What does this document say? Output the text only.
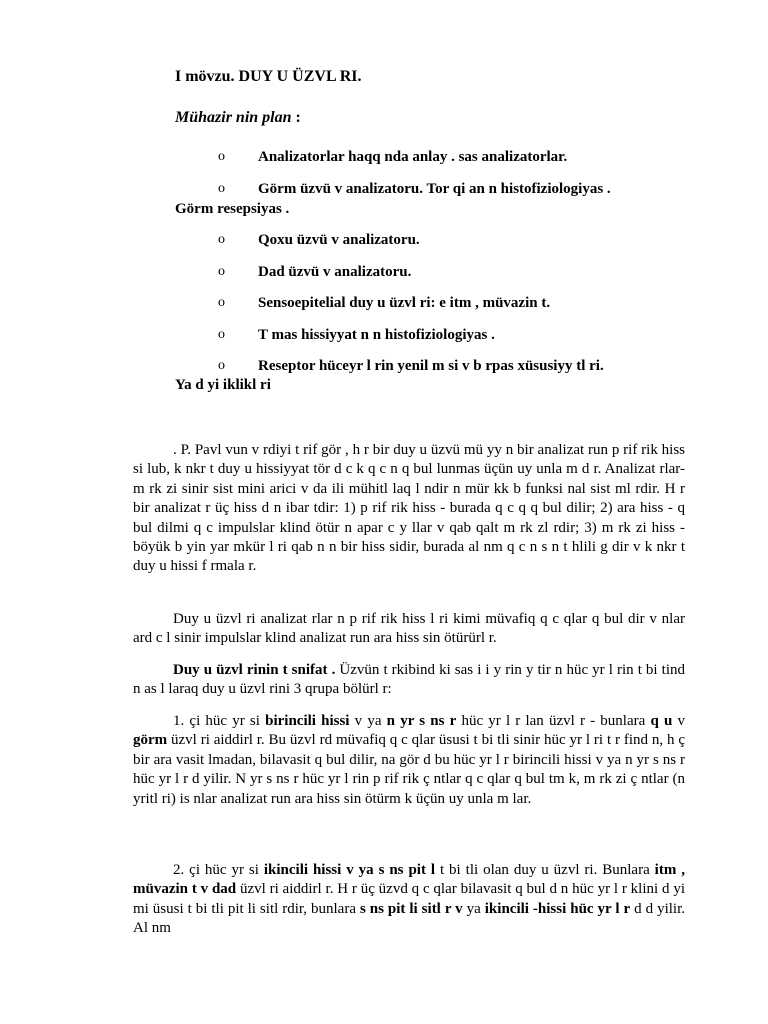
I mövzu. DUY U ÜZVL RI.
Mühazir nin plan :
o Analizatorlar haqq nda anlay . sas analizatorlar.
o Görm üzvü v analizatoru. Tor qi an n histofiziologiyas .
Görm resepsiyas .
o Qoxu üzvü v analizatoru.
o Dad üzvü v analizatoru.
o Sensoepitelial duy u üzvl ri: e itm , müvazin t.
o T mas hissiyyat n n histofiziologiyas .
o Reseptor hüceyr l rin yenil m si v b rpas xüsusiyy tl ri.
Ya d yi iklikl ri

. P. Pavl vun v rdiyi t rif gör , h r bir duy u üzvü mü yy n bir analizat run p rif rik hiss si lub, k nkr t duy u hissiyyat tör d c k q c n q bul lunmas üçün uy unla m d r. Analizat rlar-m rk zi sinir sist mini arici v da ili mühitl laq l ndir n mür kk b funksi nal sist ml rdir. H r bir analizat r üç hiss d n ibar tdir: 1) p rif rik hiss - burada q c q q bul dilir; 2) ara hiss - q bul dilmi q c impulslar klind ötür n apar c y llar v qab qalt m rk zl rdir; 3) m rk zi hiss - böyük b yin yar mkür l ri qab n n bir hiss sidir, burada al nm q c n s n t hlili g dir v k nkr t duy u hissi f rmala r.

Duy u üzvl ri analizat rlar n p rif rik hiss l ri kimi müvafiq q c qlar q bul dir v nlar ard c l sinir impulslar klind analizat run ara hiss sin ötürürl r.

Duy u üzvl rinin t snifat . Üzvün t rkibind ki sas i i y rin y tir n hüc yr l rin t bi tind n as l laraq duy u üzvl rini 3 qrupa bölürl r:

1. çi hüc yr si birincili hissi v ya n yr s ns r hüc yr l r lan üzvl r - bunlara q u v görm üzvl ri aiddirl r. Bu üzvl rd müvafiq q c qlar üsusi t bi tli sinir hüc yr l ri t r find n, h ç bir ara vasit lmadan, bilavasit q bul dilir, na gör d bu hüc yr l r birincili hissi v ya n yr s ns r hüc yr l r d yilir. N yr s ns r hüc yr l rin p rif rik ç ntlar q c qlar q bul tm k, m rk zi ç ntlar (n yritl ri) is nlar analizat run ara hiss sin ötürm k üçün uy unla m lar.

2. çi hüc yr si ikincili hissi v ya s ns pit l t bi tli olan duy u üzvl ri. Bunlara itm , müvazin t v dad üzvl ri aiddirl r. H r üç üzvd q c qlar bilavasit q bul d n hüc yr l r klini d yi mi üsusi t bi tli pit li sitl rdir, bunlara s ns pit li sitl r v ya ikincili -hissi hüc yr l r d d yilir. Al nm
